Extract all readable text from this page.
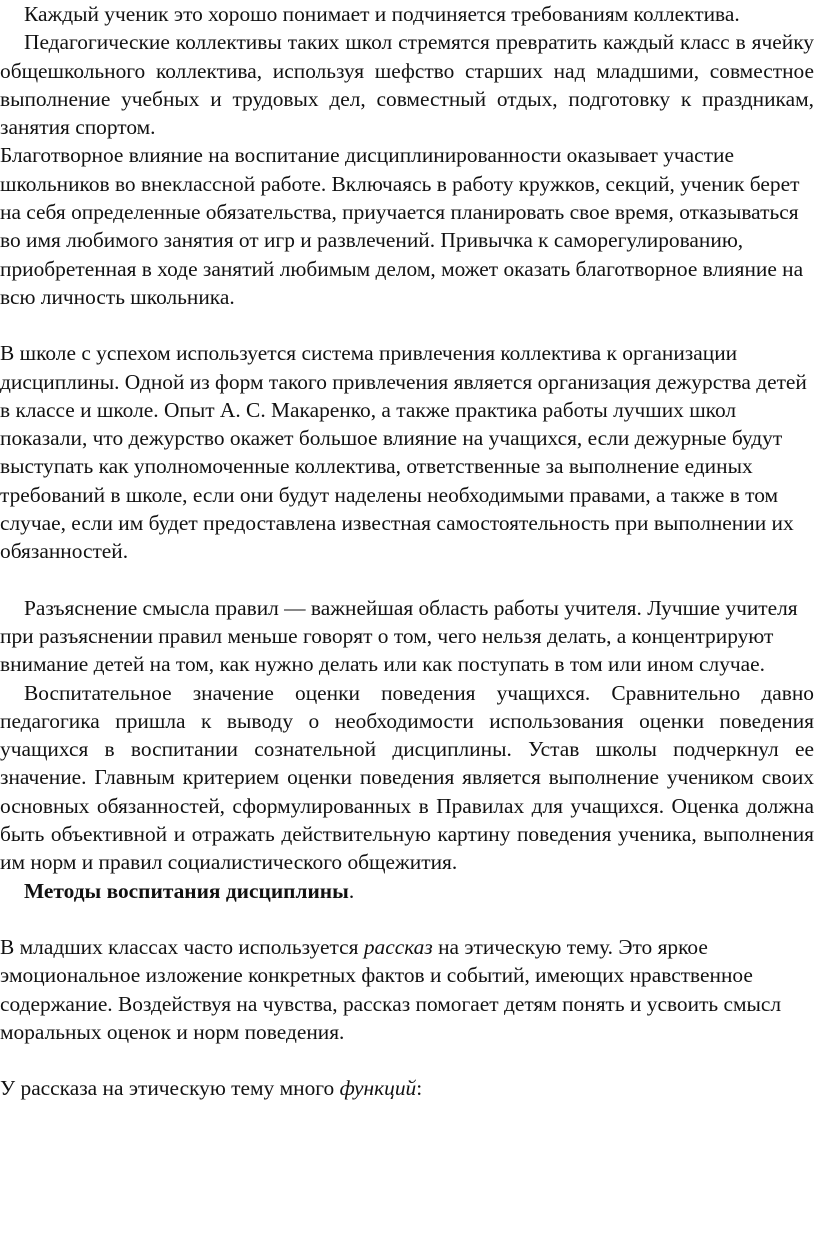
Каждый ученик это хорошо понимает и подчиняется требованиям коллектива.

Педагогические коллективы таких школ стремятся превратить каждый класс в ячейку общешкольного коллектива, используя шефство старших над младшими, совместное выполнение учебных и трудовых дел, совместный отдых, подготовку к праздникам, занятия спортом.

Благотворное влияние на воспитание дисциплинированности оказывает участие школьников во внеклассной работе. Включаясь в работу кружков, секций, ученик берет на себя определенные обязательства, приучается планировать свое время, отказываться во имя любимого занятия от игр и развлечений. Привычка к саморегулированию, приобретенная в ходе занятий любимым делом, может оказать благотворное влияние на всю личность школьника.

В школе с успехом используется система привлечения коллектива к организации дисциплины. Одной из форм такого привлечения является организация дежурства детей в классе и школе. Опыт А. С. Макаренко, а также практика работы лучших школ показали, что дежурство окажет большое влияние на учащихся, если дежурные будут выступать как уполномоченные коллектива, ответственные за выполнение единых требований в школе, если они будут наделены необходимыми правами, а также в том случае, если им будет предоставлена известная самостоятельность при выполнении их обязанностей.

Разъяснение смысла правил — важнейшая область работы учителя. Лучшие учителя при разъяснении правил меньше говорят о том, чего нельзя делать, а концентрируют внимание детей на том, как нужно делать или как поступать в том или ином случае.

Воспитательное значение оценки поведения учащихся. Сравнительно давно педагогика пришла к выводу о необходимости использования оценки поведения учащихся в воспитании сознательной дисциплины. Устав школы подчеркнул ее значение. Главным критерием оценки поведения является выполнение учеником своих основных обязанностей, сформулированных в Правилах для учащихся. Оценка должна быть объективной и отражать действительную картину поведения ученика, выполнения им норм и правил социалистического общежития.

Методы воспитания дисциплины.

В младших классах часто используется рассказ на этическую тему. Это яркое эмоциональное изложение конкретных фактов и событий, имеющих нравственное содержание. Воздействуя на чувства, рассказ помогает детям понять и усвоить смысл моральных оценок и норм поведения.

У рассказа на этическую тему много функций:
